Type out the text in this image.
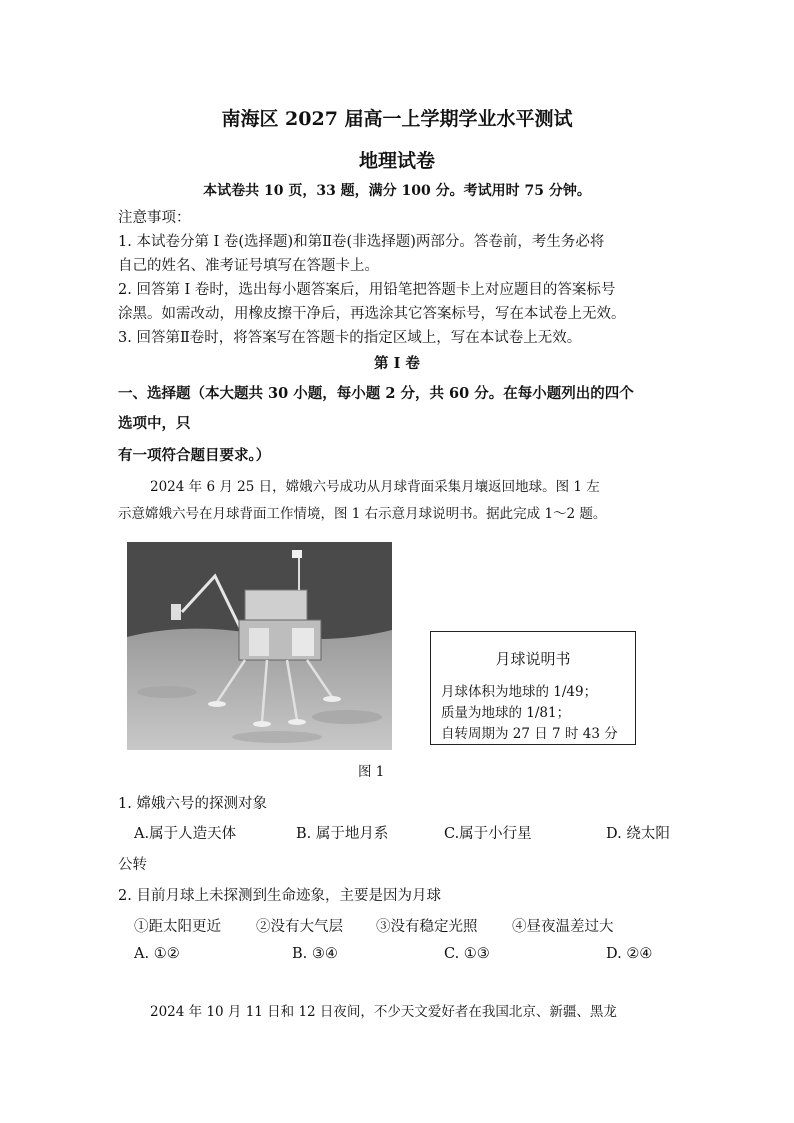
南海区 2027 届高一上学期学业水平测试
地理试卷
本试卷共 10 页，33 题，满分 100 分。考试用时 75 分钟。
注意事项：
1. 本试卷分第 Ⅰ 卷(选择题)和第Ⅱ卷(非选择题)两部分。答卷前，考生务必将
自己的姓名、准考证号填写在答题卡上。
2. 回答第 Ⅰ 卷时，选出每小题答案后，用铅笔把答题卡上对应题目的答案标号
涂黑。如需改动，用橡皮擦干净后，再选涂其它答案标号，写在本试卷上无效。
3. 回答第Ⅱ卷时，将答案写在答题卡的指定区域上，写在本试卷上无效。
第 Ⅰ 卷
一、选择题（本大题共 30 小题，每小题 2 分，共 60 分。在每小题列出的四个
选项中，只
有一项符合题目要求。）
2024 年 6 月 25 日，嫦娥六号成功从月球背面采集月壤返回地球。图 1 左
示意嫦娥六号在月球背面工作情境，图 1 右示意月球说明书。据此完成 1～2 题。
月球说明书
月球体积为地球的 1/49；
质量为地球的 1/81；
自转周期为 27 日 7 时 43 分
图 1
1. 嫦娥六号的探测对象
A.属于人造天体	B. 属于地月系	C.属于小行星	D. 绕太阳
公转
2. 目前月球上未探测到生命迹象，主要是因为月球
①距太阳更近 ②没有大气层 ③没有稳定光照 ④昼夜温差过大
A. ①②	B. ③④	C. ①③	D. ②④
2024 年 10 月 11 日和 12 日夜间，不少天文爱好者在我国北京、新疆、黑龙
